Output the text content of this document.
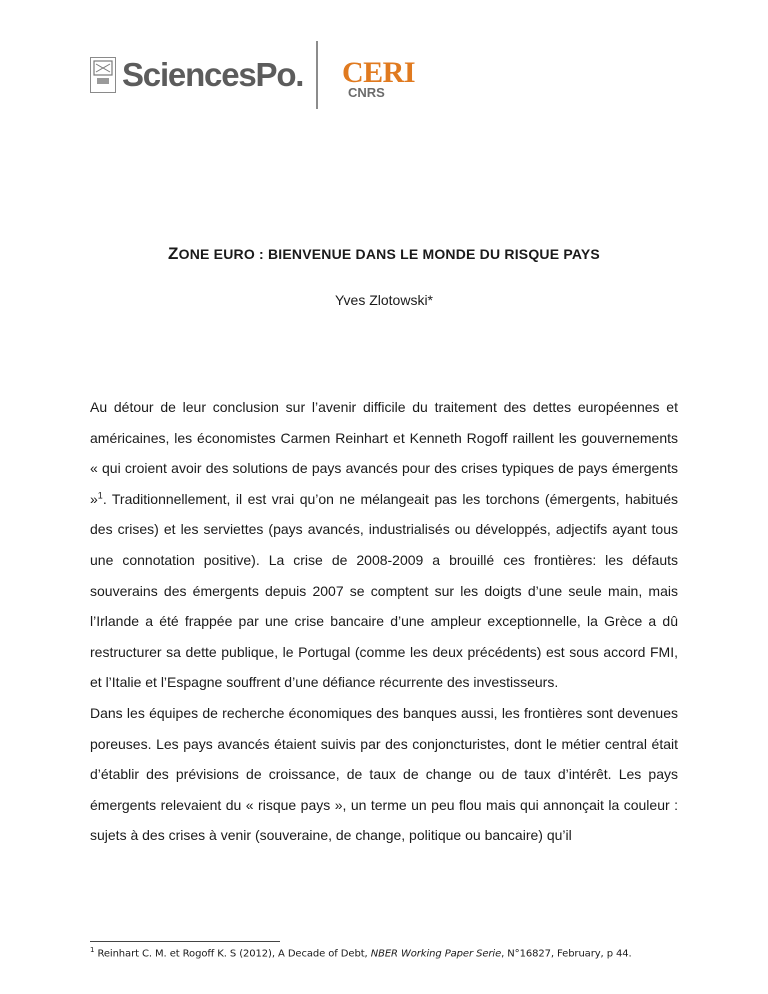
SciencesPo. CERI
CNRS
ZONE EURO : BIENVENUE DANS LE MONDE DU RISQUE PAYS
Yves Zlotowski*

Au détour de leur conclusion sur l’avenir difficile du traitement des dettes européennes et américaines, les économistes Carmen Reinhart et Kenneth Rogoff raillent les gouvernements « qui croient avoir des solutions de pays avancés pour des crises typiques de pays émergents »$^1$. Traditionnellement, il est vrai qu’on ne mélangeait pas les torchons (émergents, habitués des crises) et les serviettes (pays avancés, industrialisés ou développés, adjectifs ayant tous une connotation positive). La crise de 2008-2009 a brouillé ces frontières: les défauts souverains des émergents depuis 2007 se comptent sur les doigts d’une seule main, mais l’Irlande a été frappée par une crise bancaire d’une ampleur exceptionnelle, la Grèce a dû restructurer sa dette publique, le Portugal (comme les deux précédents) est sous accord FMI, et l’Italie et l’Espagne souffrent d’une défiance récurrente des investisseurs.

Dans les équipes de recherche économiques des banques aussi, les frontières sont devenues poreuses. Les pays avancés étaient suivis par des conjoncturistes, dont le métier central était d’établir des prévisions de croissance, de taux de change ou de taux d’intérêt. Les pays émergents relevaient du « risque pays », un terme un peu flou mais qui annonçait la couleur : sujets à des crises à venir (souveraine, de change, politique ou bancaire) qu’il

$^1$ Reinhart C. M. et Rogoff K. S (2012), A Decade of Debt, NBER Working Paper Serie, N°16827, February, p 44.
